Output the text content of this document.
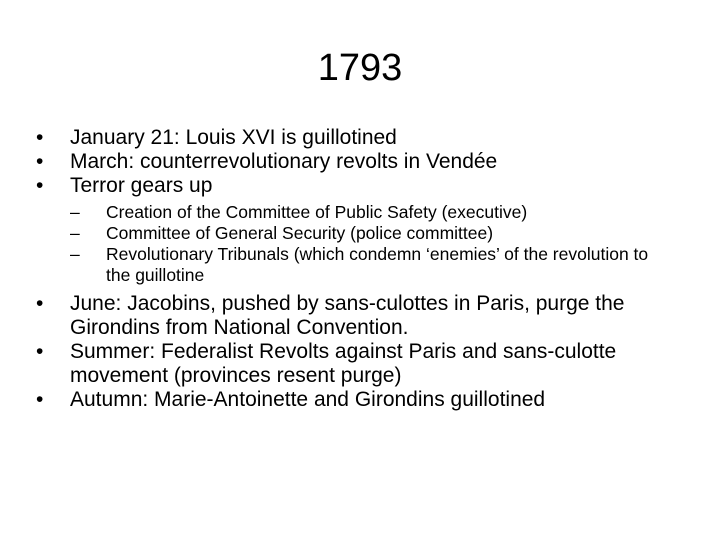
1793
•	January 21: Louis XVI is guillotined
•	March: counterrevolutionary revolts in Vendée
•	Terror gears up
–	Creation of the Committee of Public Safety (executive)
–	Committee of General Security (police committee)
–	Revolutionary Tribunals (which condemn ‘enemies’ of the revolution to the guillotine
•	June: Jacobins, pushed by sans-culottes in Paris, purge the Girondins from National Convention.
•	Summer: Federalist Revolts against Paris and sans-culotte movement (provinces resent purge)
•	Autumn: Marie-Antoinette and Girondins guillotined
